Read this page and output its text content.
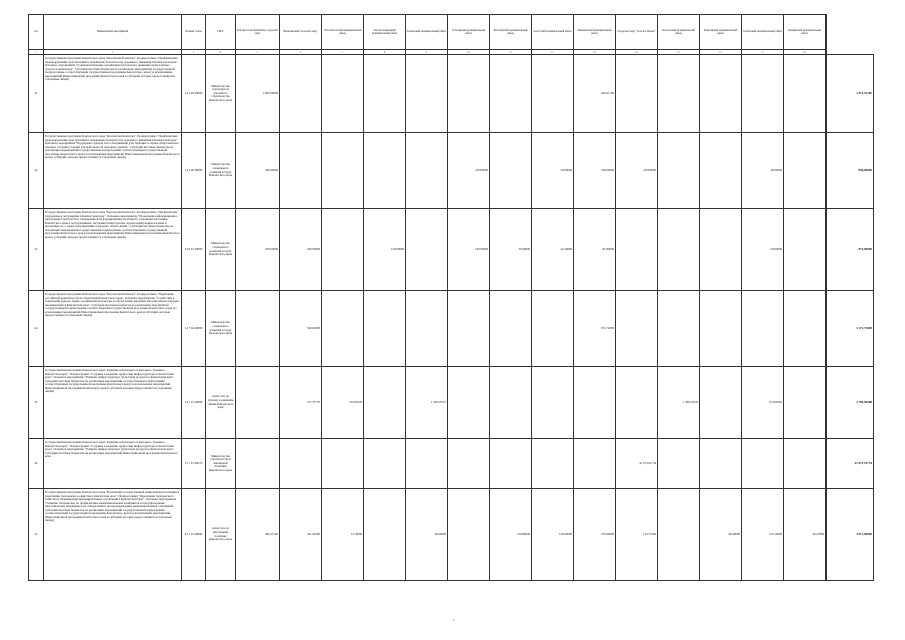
п/п	Наименование мероприятия	Целевая статья	ГРБС	Petropavlovsk-Kamchatsky городской округ	Вилючинский городской округ	Усть-Камчатский муниципальный район	Усть-Большерецкий муниципальный район	Елизовский муниципальный район	Соболевский муниципальный район	Быстринский муниципальный район	Алеутский муниципальный район	Мильковский муниципальный район	Городской округ "поселок Палана"	Олюторский муниципальный район	Карагинский муниципальный район	Тигильский муниципальный район	Пенжинский муниципальный район	
1	2	3	4	5	6	7	8	9	10	11	12	13	14	15	16	17	18	
41	Государственная программа Камчатского края "Безопасная Камчатка". Подпрограмма "Профилактика правонарушений, преступлений и повышение безопасности дорожного движения в Камчатском крае". Основное мероприятие "Совершенствование организации безопасного движения транспортных средств и пешеходов". Субсидии местным бюджетам на реализацию мероприятий государственной подпрограммы соответствующей государственной программы Камчатского края (за исключением мероприятий Инвестиционной программы Камчатского края и субсидий, которые предоставляются отдельным лицам)	14 4 04 40080	Министерство транспорта и дорожного строительства Камчатского края	1 865,00000								206,61100							2 071,61100
42	Государственная программа Камчатского края "Безопасная Камчатка". Подпрограмма "Профилактика правонарушений, преступлений и повышение безопасности дорожного движения в Камчатском крае". Основное мероприятие "Поддержка граждан и их объединений, участвующих в охране общественного порядка, создание условий для деятельности народных дружин". Субсидии местным бюджетам на реализацию мероприятий государственной подпрограммы соответствующей государственной программы Камчатского края (за исключением мероприятий Инвестиционной программы Камчатского края и субсидий, которые предоставляются отдельным лицам)	14 4 06 40080	Министерство социального развития и труда Камчатского края	300,00000					100,00000		50,00000	250,00000	100,00000			40,00000			840,00000
43	Государственная программа Камчатского края "Безопасная Камчатка". Подпрограмма "Профилактика терроризма и экстремизма в Камчатском крае". Основное мероприятие "Проведение информационно-пропагандистской работы, направленной на формирование негативного отношения населения Камчатского края к деструктивным, экстремистским группам, пропагандирующим насилие и нетерпимость, а также популяризацию здорового образа жизни". Субсидии местным бюджетам на реализацию мероприятий государственной подпрограммы соответствующей государственной программы Камчатского края (за исключением мероприятий Инвестиционной программы Камчатского края и субсидий, которые предоставляются отдельным лицам)	14 6 01 40080	Министерство социального развития и труда Камчатского края	200,00000	200,00000		150,00000		100,00000	50,00000	42,20000	81,80000				50,00000			874,00000
44	Государственная программа Камчатского края "Безопасная Камчатка". Подпрограмма "Укрепление российской идентичности на территории Камчатского края". Основное мероприятие "Содействие в сохранении родного языка, традиционной культуры и образа жизни коренных малочисленных народов, проживающих в Камчатском крае". Субсидии местным бюджетам на реализацию мероприятий государственной подпрограммы соответствующей государственной программы Камчатского края (за исключением мероприятий Инвестиционной программы Камчатского края и субсидий, которые предоставляются отдельным лицам)	14 7 02 40080	Министерство социального развития и труда Камчатского края		500,00000							671,72000							1 171,72000
45	Государственная программа Камчатского края "Развитие внутреннего и въездного туризма в Камчатском крае". Подпрограмма "Создание и развитие туристской инфраструктуры в Камчатском крае". Основное мероприятие "Развитие инфраструктуры туристских ресурсов в Камчатском крае". Субсидии местным бюджетам на реализацию мероприятий государственной подпрограммы соответствующей государственной программы Камчатского края (за исключением мероприятий Инвестиционной программы Камчатского края и субсидий, которые предоставляются отдельным лицам)	15 1 01 40080	Агентство по туризму и внешним связям Камчатского края		377,37770	372,03678		1 358,33575						1 309,31043		373,00385			3 790,06588
46	Государственная программа Камчатского края "Развитие внутреннего и въездного туризма в Камчатском крае". Подпрограмма "Создание и развитие туристской инфраструктуры в Камчатском крае". Основное мероприятие "Развитие инфраструктуры туристских ресурсов в Камчатском крае". Субсидии местным бюджетам на реализацию мероприятий Инвестиционной программы Камчатского края	15 1 01 40070	Министерство строительства и жилищной политики Камчатского края										41 075,91734						41 075,91734
47	Государственная программа Камчатского края "Реализация государственной национальной политики и укрепление гражданского единства в Камчатском крае". Подпрограмма "Укрепление гражданского единства и гармонизация межнациональных отношений в Камчатском крае". Основное мероприятие "Развитие системы мер по профилактике межнациональных конфликтов и предупреждению межэтнической напряженности, направленных на предупреждение межнациональных отношений". Субсидии местным бюджетам на реализацию мероприятий государственной подпрограммы соответствующей государственной программы Камчатского края (за исключением мероприятий Инвестиционной программы Камчатского края и субсидий, которые предоставляются отдельным лицам)	01 1 01 40080	Агентство по внутренней политике Камчатского края	490,15100	401,40300	13,70000		30,60900		136,80000	136,09000	235,90900	135,75300		68,49000	219,16900	40,27800		3 017,00000
1
